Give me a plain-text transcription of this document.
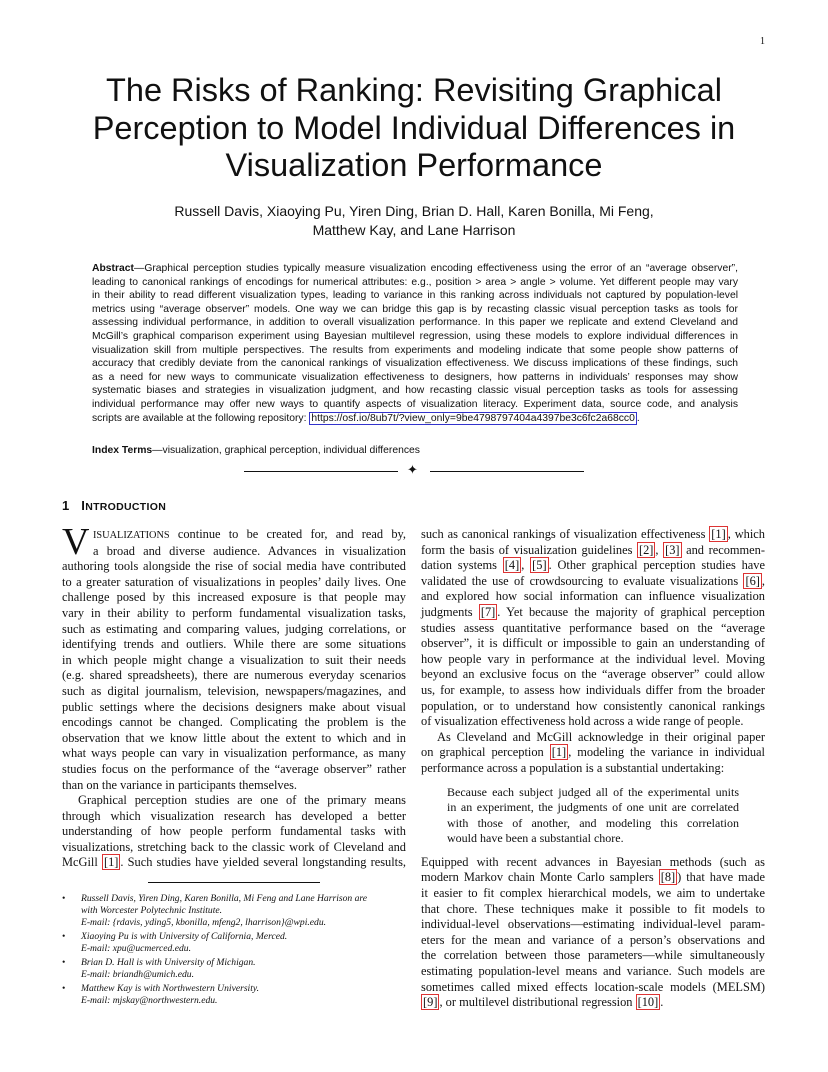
1
The Risks of Ranking: Revisiting Graphical
Perception to Model Individual Differences in
Visualization Performance
Russell Davis, Xiaoying Pu, Yiren Ding, Brian D. Hall, Karen Bonilla, Mi Feng,
Matthew Kay, and Lane Harrison
Abstract—Graphical perception studies typically measure visualization encoding effectiveness using the error of an “average observer”,
leading to canonical rankings of encodings for numerical attributes: e.g., position > area > angle > volume. Yet different people may vary
in their ability to read different visualization types, leading to variance in this ranking across individuals not captured by population-level
metrics using “average observer” models. One way we can bridge this gap is by recasting classic visual perception tasks as tools for
assessing individual performance, in addition to overall visualization performance. In this paper we replicate and extend Cleveland and
McGill’s graphical comparison experiment using Bayesian multilevel regression, using these models to explore individual differences in
visualization skill from multiple perspectives. The results from experiments and modeling indicate that some people show patterns of
accuracy that credibly deviate from the canonical rankings of visualization effectiveness. We discuss implications of these findings, such
as a need for new ways to communicate visualization effectiveness to designers, how patterns in individuals’ responses may show
systematic biases and strategies in visualization judgment, and how recasting classic visual perception tasks as tools for assessing
individual performance may offer new ways to quantify aspects of visualization literacy. Experiment data, source code, and analysis
scripts are available at the following repository: https://osf.io/8ub7t/?view_only=9be4798797404a4397be3c6fc2a68cc0 .
Index Terms—visualization, graphical perception, individual differences
✦
1 INTRODUCTION
V ISUALIZATIONS continue to be created for, and read by,
a broad and diverse audience. Advances in visualization
authoring tools alongside the rise of social media have contributed
to a greater saturation of visualizations in peoples’ daily lives. One
challenge posed by this increased exposure is that people may
vary in their ability to perform fundamental visualization tasks,
such as estimating and comparing values, judging correlations, or
identifying trends and outliers. While there are some situations
in which people might change a visualization to suit their needs
(e.g. shared spreadsheets), there are numerous everyday scenarios
such as digital journalism, television, newspapers/magazines, and
public settings where the decisions designers make about visual
encodings cannot be changed. Complicating the problem is the
observation that we know little about the extent to which and in
what ways people can vary in visualization performance, as many
studies focus on the performance of the “average observer” rather
than on the variance in participants themselves.
Graphical perception studies are one of the primary means
through which visualization research has developed a better
understanding of how people perform fundamental tasks with
visualizations, stretching back to the classic work of Cleveland and
McGill [1] . Such studies have yielded several longstanding results,
such as canonical rankings of visualization effectiveness [1] , which
form the basis of visualization guidelines [2] , [3] and recommen-
dation systems [4] , [5] . Other graphical perception studies have
validated the use of crowdsourcing to evaluate visualizations [6] ,
and explored how social information can influence visualization
judgments [7] . Yet because the majority of graphical perception
studies assess quantitative performance based on the “average
observer”, it is difficult or impossible to gain an understanding of
how people vary in performance at the individual level. Moving
beyond an exclusive focus on the “average observer” could allow
us, for example, to assess how individuals differ from the broader
population, or to understand how consistently canonical rankings
of visualization effectiveness hold across a wide range of people.
As Cleveland and McGill acknowledge in their original paper
on graphical perception [1] , modeling the variance in individual
performance across a population is a substantial undertaking:
Because each subject judged all of the experimental units
in an experiment, the judgments of one unit are correlated
with those of another, and modeling this correlation
would have been a substantial chore.
Equipped with recent advances in Bayesian methods (such as
modern Markov chain Monte Carlo samplers [8] ) that have made
it easier to fit complex hierarchical models, we aim to undertake
that chore. These techniques make it possible to fit models to
individual-level observations—estimating individual-level param-
eters for the mean and variance of a person’s observations and
the correlation between those parameters—while simultaneously
estimating population-level means and variance. Such models are
sometimes called mixed effects location-scale models (MELSM)
[9] , or multilevel distributional regression [10] .
• Russell Davis, Yiren Ding, Karen Bonilla, Mi Feng and Lane Harrison are
with Worcester Polytechnic Institute.
E-mail: {rdavis, yding5, kbonilla, mfeng2, lharrison}@wpi.edu.
• Xiaoying Pu is with University of California, Merced.
E-mail: xpu@ucmerced.edu.
• Brian D. Hall is with University of Michigan.
E-mail: briandh@umich.edu.
• Matthew Kay is with Northwestern University.
E-mail: mjskay@northwestern.edu.
